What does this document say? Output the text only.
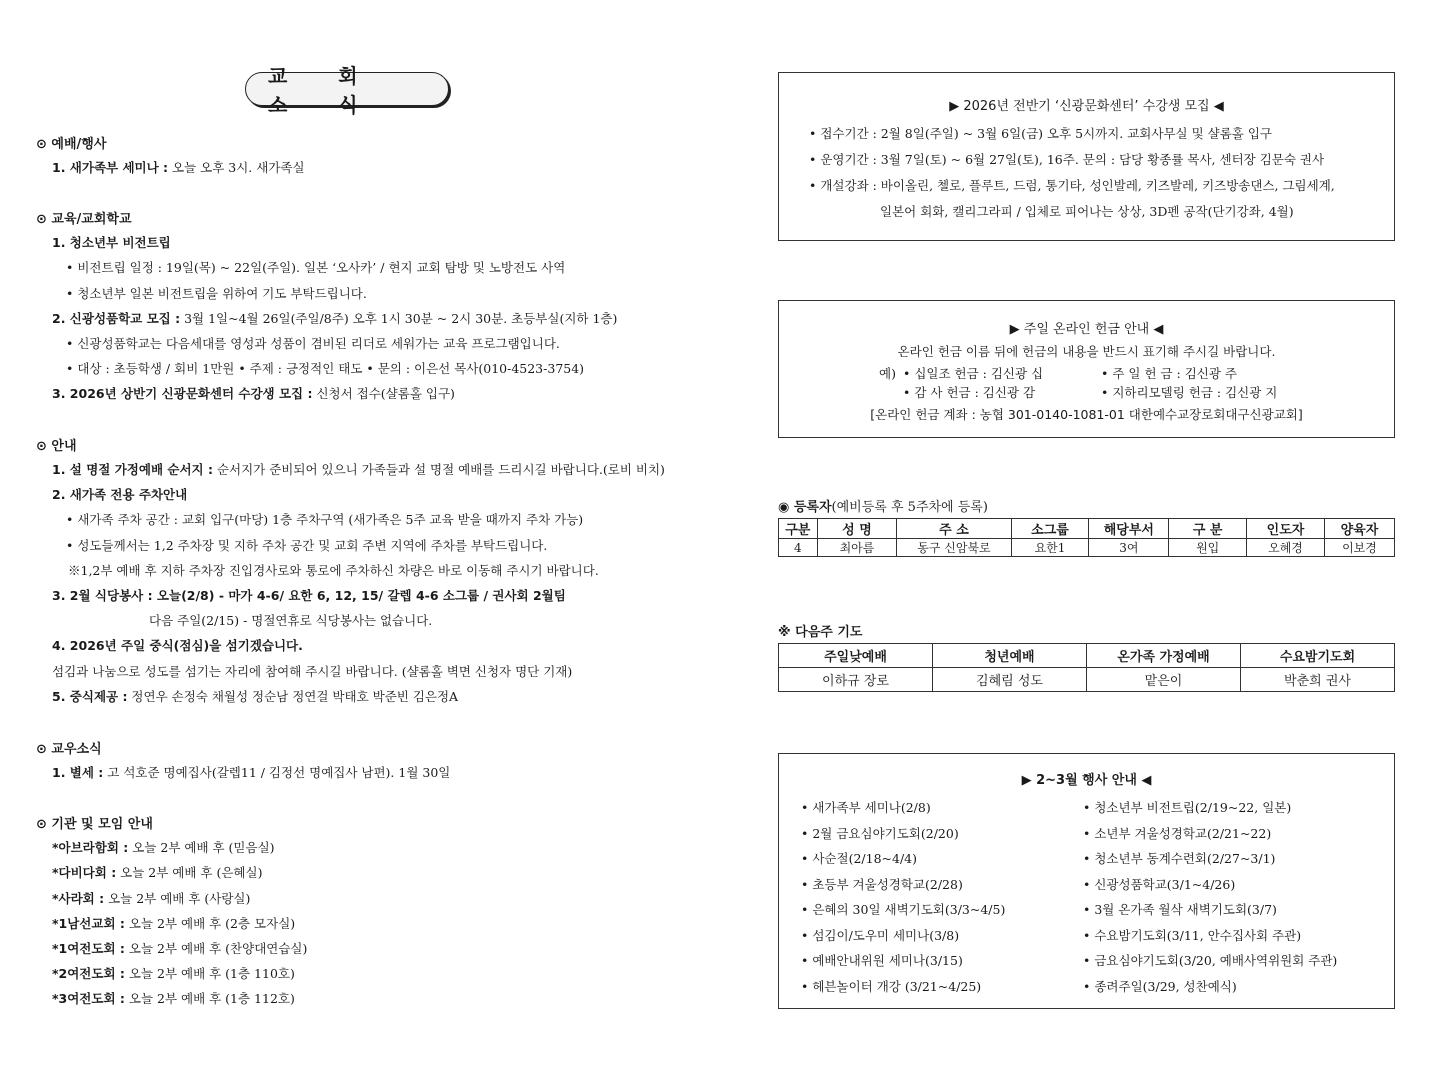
교 회 소 식
⊙ 예배/행사
1. 새가족부 세미나 : 오늘 오후 3시. 새가족실
⊙ 교육/교회학교
1. 청소년부 비전트립
• 비전트립 일정 : 19일(목) ~ 22일(주일). 일본 ‘오사카’ / 현지 교회 탐방 및 노방전도 사역
• 청소년부 일본 비전트립을 위하여 기도 부탁드립니다.
2. 신광성품학교 모집 : 3월 1일~4월 26일(주일/8주) 오후 1시 30분 ~ 2시 30분. 초등부실(지하 1층)
• 신광성품학교는 다음세대를 영성과 성품이 겸비된 리더로 세워가는 교육 프로그램입니다.
• 대상 : 초등학생 / 회비 1만원 • 주제 : 긍정적인 태도 • 문의 : 이은선 목사(010-4523-3754)
3. 2026년 상반기 신광문화센터 수강생 모집 : 신청서 접수(샬롬홀 입구)
⊙ 안내
1. 설 명절 가정예배 순서지 : 순서지가 준비되어 있으니 가족들과 설 명절 예배를 드리시길 바랍니다.(로비 비치)
2. 새가족 전용 주차안내
• 새가족 주차 공간 : 교회 입구(마당) 1층 주차구역 (새가족은 5주 교육 받을 때까지 주차 가능)
• 성도들께서는 1,2 주차장 및 지하 주차 공간 및 교회 주변 지역에 주차를 부탁드립니다.
※1,2부 예배 후 지하 주차장 진입경사로와 통로에 주차하신 차량은 바로 이동해 주시기 바랍니다.
3. 2월 식당봉사 : 오늘(2/8) - 마가 4-6/ 요한 6, 12, 15/ 갈렙 4-6 소그룹 / 권사회 2월팀
다음 주일(2/15) - 명절연휴로 식당봉사는 없습니다.
4. 2026년 주일 중식(점심)을 섬기겠습니다.
섬김과 나눔으로 성도를 섬기는 자리에 참여해 주시길 바랍니다. (샬롬홀 벽면 신청자 명단 기재)
5. 중식제공 : 정연우 손정숙 채월성 정순남 정연걸 박태호 박준빈 김은정A
⊙ 교우소식
1. 별세 : 고 석호준 명예집사(갈렙11 / 김정선 명예집사 남편). 1월 30일
⊙ 기관 및 모임 안내
*아브라함회 : 오늘 2부 예배 후 (믿음실)
*다비다회 : 오늘 2부 예배 후 (은혜실)
*사라회 : 오늘 2부 예배 후 (사랑실)
*1남선교회 : 오늘 2부 예배 후 (2층 모자실)
*1여전도회 : 오늘 2부 예배 후 (찬양대연습실)
*2여전도회 : 오늘 2부 예배 후 (1층 110호)
*3여전도회 : 오늘 2부 예배 후 (1층 112호)
▶ 2026년 전반기 ‘신광문화센터’ 수강생 모집 ◀
• 접수기간 : 2월 8일(주일) ~ 3월 6일(금) 오후 5시까지. 교회사무실 및 샬롬홀 입구
• 운영기간 : 3월 7일(토) ~ 6월 27일(토), 16주. 문의 : 담당 황종률 목사, 센터장 김문숙 권사
• 개설강좌 : 바이올린, 첼로, 플루트, 드럼, 통기타, 성인발레, 키즈발레, 키즈방송댄스, 그림세계,
일본어 회화, 캘리그라피 / 입체로 피어나는 상상, 3D펜 공작(단기강좌, 4월)
▶ 주일 온라인 헌금 안내 ◀
온라인 헌금 이름 뒤에 헌금의 내용을 반드시 표기해 주시길 바랍니다.
예) • 십일조 헌금 : 김신광 십	• 주 일 헌 금 : 김신광 주
• 감 사 헌금 : 김신광 감	• 지하리모델링 헌금 : 김신광 지
[온라인 헌금 계좌 : 농협 301-0140-1081-01 대한예수교장로회대구신광교회]
◉ 등록자(예비등록 후 5주차에 등록)
구분	성 명	주 소	소그룹	해당부서	구 분	인도자	양육자
4	최아름	동구 신암북로	요한1	3여	원입	오혜경	이보경
※ 다음주 기도
주일낮예배	청년예배	온가족 가정예배	수요밤기도회
이하규 장로	김혜림 성도	맡은이	박춘희 권사
▶ 2~3월 행사 안내 ◀
• 새가족부 세미나(2/8)
• 2월 금요심야기도회(2/20)
• 사순절(2/18~4/4)
• 초등부 겨울성경학교(2/28)
• 은혜의 30일 새벽기도회(3/3~4/5)
• 섬김이/도우미 세미나(3/8)
• 예배안내위원 세미나(3/15)
• 헤븐놀이터 개강 (3/21~4/25)
• 청소년부 비전트립(2/19~22, 일본)
• 소년부 겨울성경학교(2/21~22)
• 청소년부 동계수련회(2/27~3/1)
• 신광성품학교(3/1~4/26)
• 3월 온가족 월삭 새벽기도회(3/7)
• 수요밤기도회(3/11, 안수집사회 주관)
• 금요심야기도회(3/20, 예배사역위원회 주관)
• 종려주일(3/29, 성찬예식)
